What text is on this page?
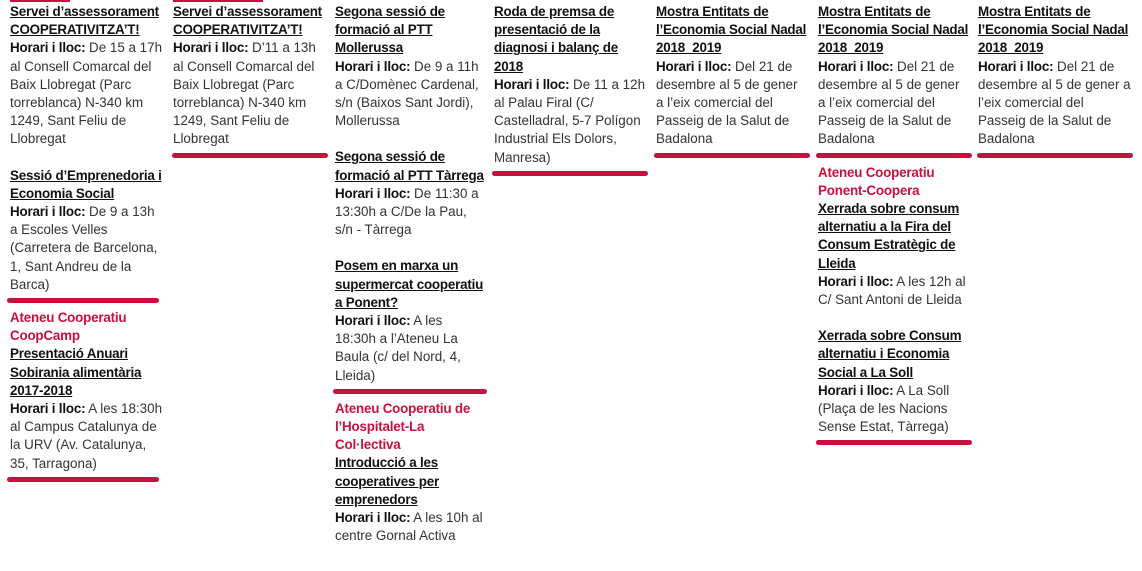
Servei d’assessorament COOPERATIVITZA’T!
Horari i lloc: De 15 a 17h al Consell Comarcal del Baix Llobregat (Parc torreblanca) N-340 km 1249, Sant Feliu de Llobregat
Sessió d’Emprenedoria i Economia Social
Horari i lloc: De 9 a 13h a Escoles Velles (Carretera de Barcelona, 1, Sant Andreu de la Barca)
Ateneu Cooperatiu CoopCamp
Presentació Anuari Sobirania alimentària 2017-2018
Horari i lloc: A les 18:30h al Campus Catalunya de la URV (Av. Catalunya, 35, Tarragona)
Servei d’assessorament COOPERATIVITZA’T!
Horari i lloc: D’11 a 13h al Consell Comarcal del Baix Llobregat (Parc torreblanca) N-340 km 1249, Sant Feliu de Llobregat
Segona sessió de formació al PTT Mollerussa
Horari i lloc: De 9 a 11h a C/Domènec Cardenal, s/n (Baixos Sant Jordi), Mollerussa
Segona sessió de formació al PTT Tàrrega
Horari i lloc: De 11:30 a 13:30h a C/De la Pau, s/n - Tàrrega
Posem en marxa un supermercat cooperatiu a Ponent?
Horari i lloc: A les 18:30h a l’Ateneu La Baula (c/ del Nord, 4, Lleida)
Ateneu Cooperatiu de l’Hospitalet-La Col·lectiva
Introducció a les cooperatives per emprenedors
Horari i lloc: A les 10h al centre Gornal Activa
Roda de premsa de presentació de la diagnosi i balanç de 2018
Horari i lloc: De 11 a 12h al Palau Firal (C/ Castelladral, 5-7 Polígon Industrial Els Dolors, Manresa)
Mostra Entitats de l’Economia Social Nadal 2018_2019
Horari i lloc: Del 21 de desembre al 5 de gener a l’eix comercial del Passeig de la Salut de Badalona
Mostra Entitats de l’Economia Social Nadal 2018_2019
Horari i lloc: Del 21 de desembre al 5 de gener a l’eix comercial del Passeig de la Salut de Badalona
Ateneu Cooperatiu Ponent-Coopera
Xerrada sobre consum alternatiu a la Fira del Consum Estratègic de Lleida
Horari i lloc: A les 12h al C/ Sant Antoni de Lleida
Xerrada sobre Consum alternatiu i Economia Social a La Soll
Horari i lloc: A La Soll (Plaça de les Nacions Sense Estat, Tàrrega)
Mostra Entitats de l’Economia Social Nadal 2018_2019
Horari i lloc: Del 21 de desembre al 5 de gener a l’eix comercial del Passeig de la Salut de Badalona
